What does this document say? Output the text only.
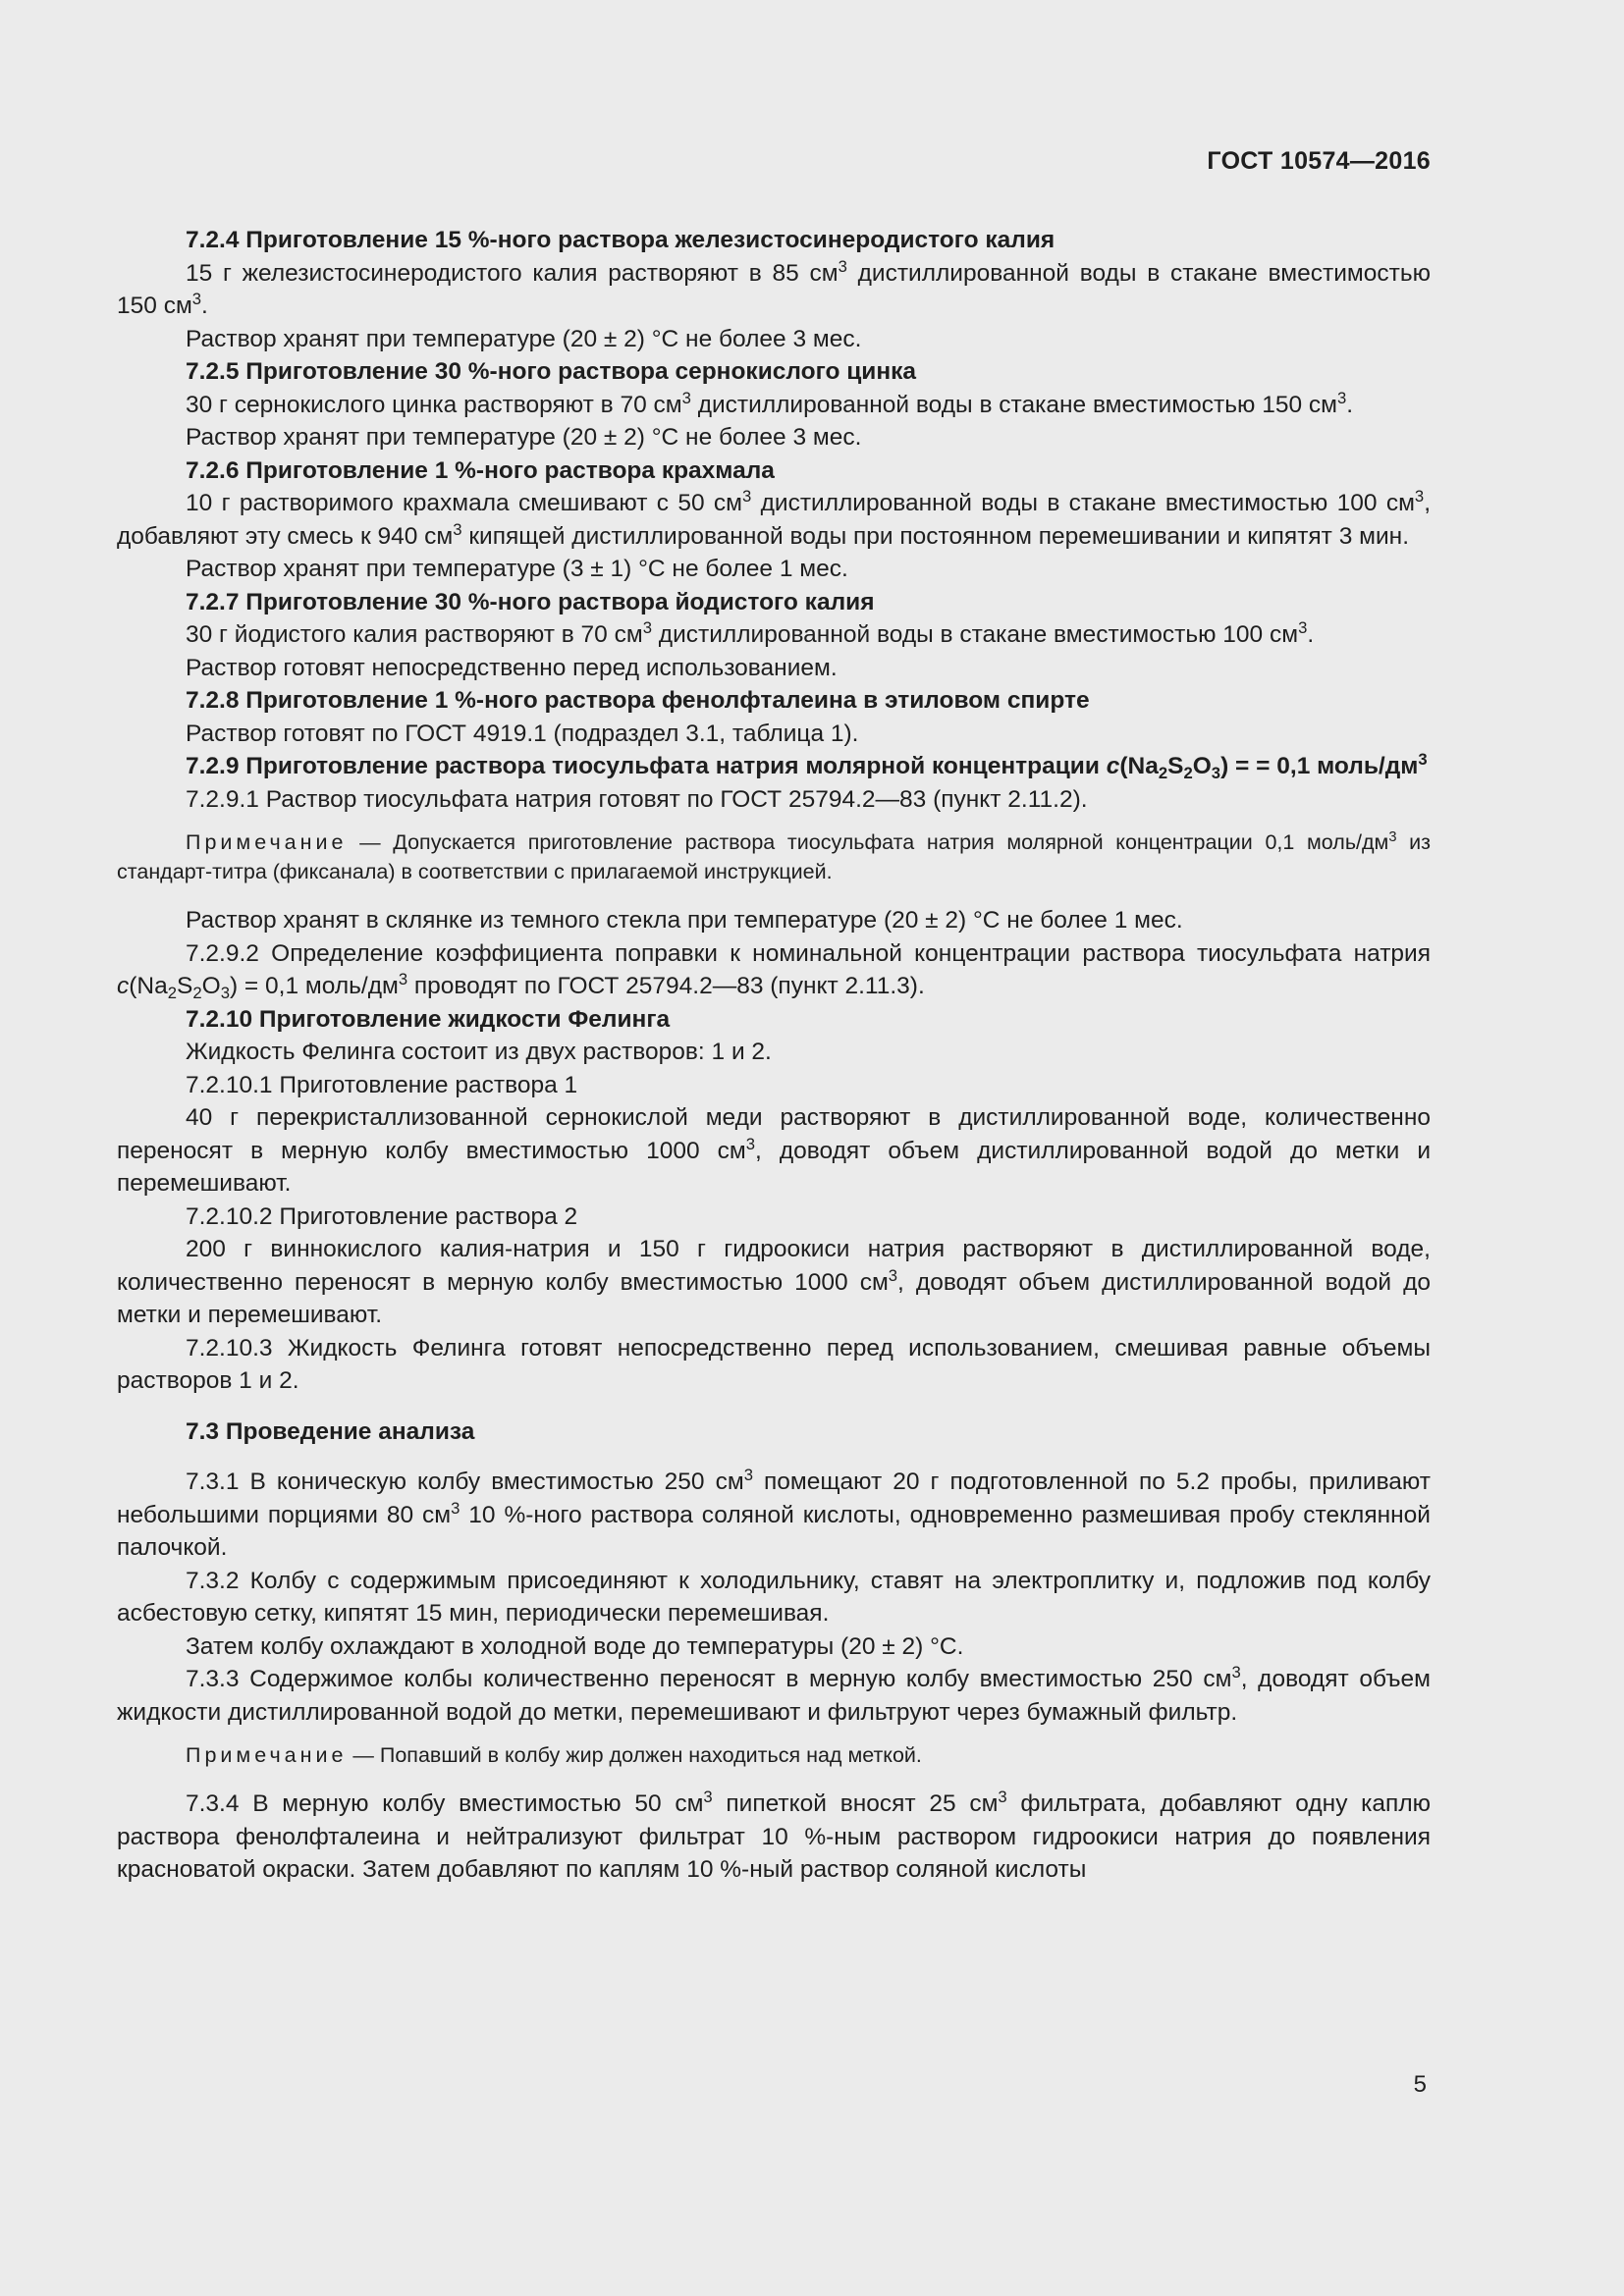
ГОСТ 10574—2016

7.2.4 Приготовление 15 %-ного раствора железистосинеродистого калия

15 г железистосинеродистого калия растворяют в 85 $см^3$ дистиллированной воды в стакане вместимостью 150 $см^3$.

Раствор хранят при температуре (20 ± 2) °С не более 3 мес.

7.2.5 Приготовление 30 %-ного раствора сернокислого цинка

30 г сернокислого цинка растворяют в 70 $см^3$ дистиллированной воды в стакане вместимостью 150 $см^3$.

Раствор хранят при температуре (20 ± 2) °С не более 3 мес.

7.2.6 Приготовление 1 %-ного раствора крахмала

10 г растворимого крахмала смешивают с 50 $см^3$ дистиллированной воды в стакане вместимостью 100 $см^3$, добавляют эту смесь к 940 $см^3$ кипящей дистиллированной воды при постоянном перемешивании и кипятят 3 мин.

Раствор хранят при температуре (3 ± 1) °С не более 1 мес.

7.2.7 Приготовление 30 %-ного раствора йодистого калия

30 г йодистого калия растворяют в 70 $см^3$ дистиллированной воды в стакане вместимостью 100 $см^3$.

Раствор готовят непосредственно перед использованием.

7.2.8 Приготовление 1 %-ного раствора фенолфталеина в этиловом спирте

Раствор готовят по ГОСТ 4919.1 (подраздел 3.1, таблица 1).

7.2.9 Приготовление раствора тиосульфата натрия молярной концентрации $c(Na_2S_2O_3)$ = = 0,1 моль/$дм^3$

7.2.9.1 Раствор тиосульфата натрия готовят по ГОСТ 25794.2—83 (пункт 2.11.2).

Примечание — Допускается приготовление раствора тиосульфата натрия молярной концентрации 0,1 моль/$дм^3$ из стандарт-титра (фиксанала) в соответствии с прилагаемой инструкцией.

Раствор хранят в склянке из темного стекла при температуре (20 ± 2) °С не более 1 мес.

7.2.9.2 Определение коэффициента поправки к номинальной концентрации раствора тиосульфата натрия $c(Na_2S_2O_3) = 0,1$ моль/$дм^3$ проводят по ГОСТ 25794.2—83 (пункт 2.11.3).

7.2.10 Приготовление жидкости Фелинга

Жидкость Фелинга состоит из двух растворов: 1 и 2.

7.2.10.1 Приготовление раствора 1

40 г перекристаллизованной сернокислой меди растворяют в дистиллированной воде, количественно переносят в мерную колбу вместимостью 1000 $см^3$, доводят объем дистиллированной водой до метки и перемешивают.

7.2.10.2 Приготовление раствора 2

200 г виннокислого калия-натрия и 150 г гидроокиси натрия растворяют в дистиллированной воде, количественно переносят в мерную колбу вместимостью 1000 $см^3$, доводят объем дистиллированной водой до метки и перемешивают.

7.2.10.3 Жидкость Фелинга готовят непосредственно перед использованием, смешивая равные объемы растворов 1 и 2.

7.3 Проведение анализа

7.3.1 В коническую колбу вместимостью 250 $см^3$ помещают 20 г подготовленной по 5.2 пробы, приливают небольшими порциями 80 $см^3$ 10 %-ного раствора соляной кислоты, одновременно размешивая пробу стеклянной палочкой.

7.3.2 Колбу с содержимым присоединяют к холодильнику, ставят на электроплитку и, подложив под колбу асбестовую сетку, кипятят 15 мин, периодически перемешивая.

Затем колбу охлаждают в холодной воде до температуры (20 ± 2) °С.

7.3.3 Содержимое колбы количественно переносят в мерную колбу вместимостью 250 $см^3$, доводят объем жидкости дистиллированной водой до метки, перемешивают и фильтруют через бумажный фильтр.

Примечание — Попавший в колбу жир должен находиться над меткой.

7.3.4 В мерную колбу вместимостью 50 $см^3$ пипеткой вносят 25 $см^3$ фильтрата, добавляют одну каплю раствора фенолфталеина и нейтрализуют фильтрат 10 %-ным раствором гидроокиси натрия до появления красноватой окраски. Затем добавляют по каплям 10 %-ный раствор соляной кислоты

5
